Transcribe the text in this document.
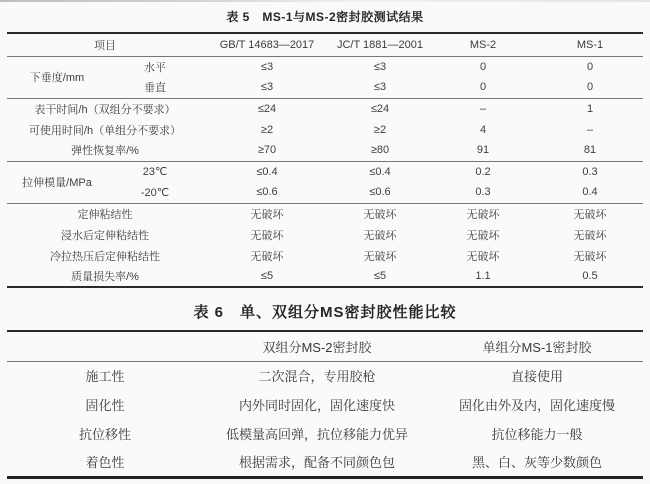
表 5　MS-1与MS-2密封胶测试结果
项目		GB/T 14683—2017	JC/T 1881—2001	MS-2	MS-1
下垂度/mm	水平	≤3	≤3	0	0
	垂直	≤3	≤3	0	0
表干时间/h（双组分不要求）		≤24	≤24	–	1
可使用时间/h（单组分不要求）		≥2	≥2	4	–
弹性恢复率/%		≥70	≥80	91	81
拉伸模量/MPa	23℃	≤0.4	≤0.4	0.2	0.3
	-20℃	≤0.6	≤0.6	0.3	0.4
定伸粘结性		无破坏	无破坏	无破坏	无破坏
浸水后定伸粘结性		无破坏	无破坏	无破坏	无破坏
冷拉热压后定伸粘结性		无破坏	无破坏	无破坏	无破坏
质量损失率/%		≤5	≤5	1.1	0.5
表 6　单、双组分MS密封胶性能比较
	双组分MS-2密封胶	单组分MS-1密封胶
施工性	二次混合，专用胶枪	直接使用
固化性	内外同时固化，固化速度快	固化由外及内，固化速度慢
抗位移性	低模量高回弹，抗位移能力优异	抗位移能力一般
着色性	根据需求，配备不同颜色包	黑、白、灰等少数颜色
